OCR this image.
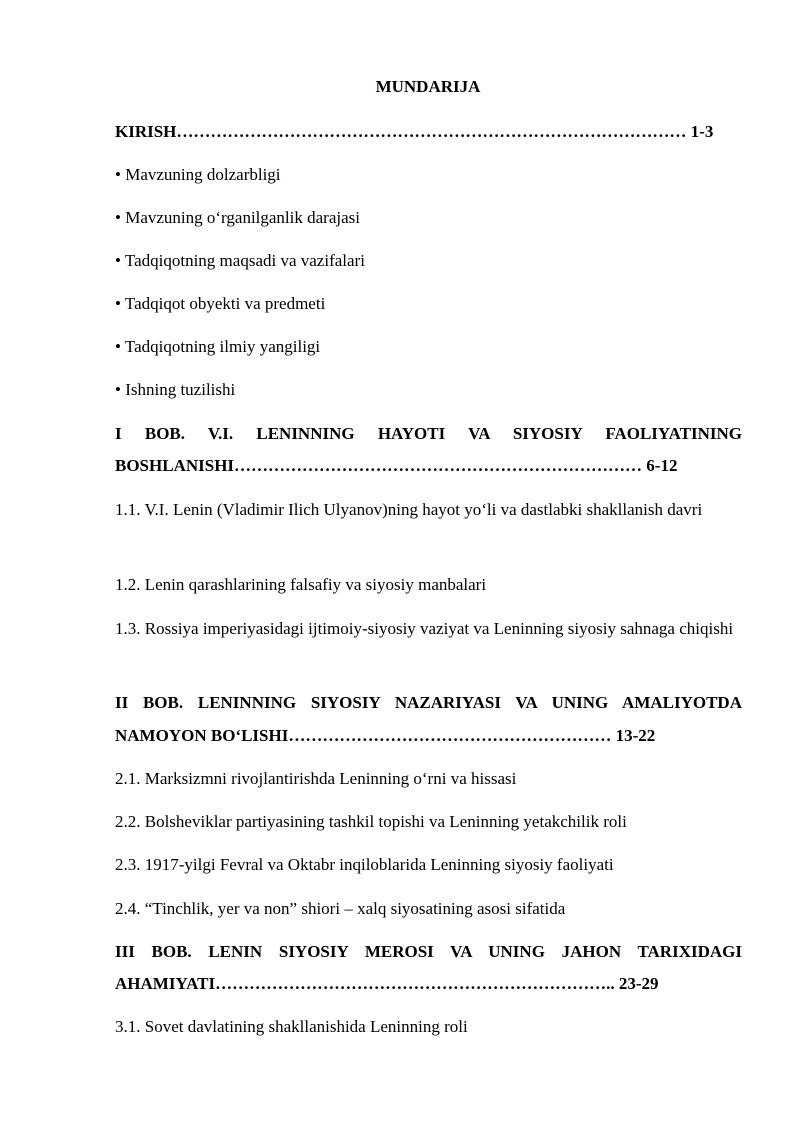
MUNDARIJA
KIRISH……………………………………………………………………………… 1-3
• Mavzuning dolzarbligi
• Mavzuning o‘rganilganlik darajasi
• Tadqiqotning maqsadi va vazifalari
• Tadqiqot obyekti va predmeti
• Tadqiqotning ilmiy yangiligi
• Ishning tuzilishi
I BOB. V.I. LENINNING HAYOTI VA SIYOSIY FAOLIYATINING
BOSHLANISHI……………………………………………………………… 6-12
1.1. V.I. Lenin (Vladimir Ilich Ulyanov)ning hayot yo‘li va dastlabki shakllanish davri
1.2. Lenin qarashlarining falsafiy va siyosiy manbalari
1.3. Rossiya imperiyasidagi ijtimoiy-siyosiy vaziyat va Leninning siyosiy sahnaga chiqishi
II BOB. LENINNING SIYOSIY NAZARIYASI VA UNING AMALIYOTDA
NAMOYON BO‘LISHI………………………………………………… 13-22
2.1. Marksizmni rivojlantirishda Leninning o‘rni va hissasi
2.2. Bolsheviklar partiyasining tashkil topishi va Leninning yetakchilik roli
2.3. 1917-yilgi Fevral va Oktabr inqiloblarida Leninning siyosiy faoliyati
2.4. “Tinchlik, yer va non” shiori – xalq siyosatining asosi sifatida
III BOB. LENIN SIYOSIY MEROSI VA UNING JAHON TARIXIDAGI
AHAMIYATI…………………………………………………………….. 23-29
3.1. Sovet davlatining shakllanishida Leninning roli
